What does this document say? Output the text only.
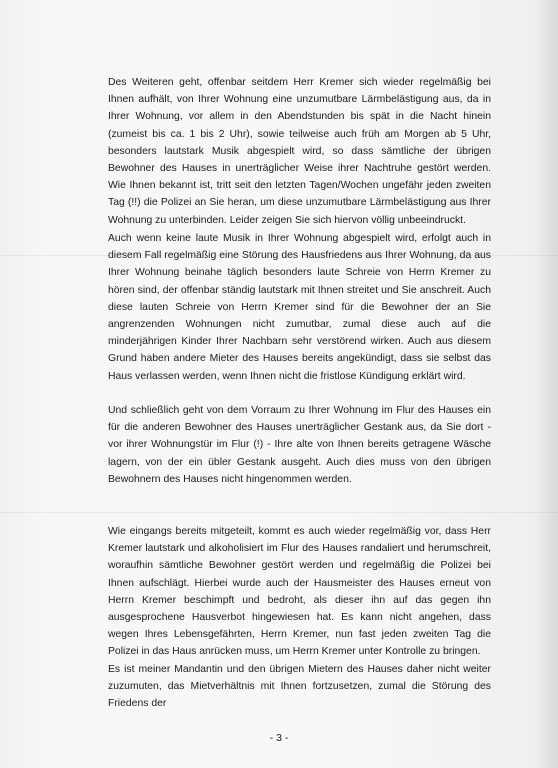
Des Weiteren geht, offenbar seitdem Herr Kremer sich wieder regelmäßig bei Ihnen aufhält, von Ihrer Wohnung eine unzumutbare Lärmbelästigung aus, da in Ihrer Wohnung, vor allem in den Abendstunden bis spät in die Nacht hinein (zumeist bis ca. 1 bis 2 Uhr), sowie teilweise auch früh am Morgen ab 5 Uhr, besonders lautstark Musik abgespielt wird, so dass sämtliche der übrigen Bewohner des Hauses in unerträglicher Weise ihrer Nachtruhe gestört werden. Wie Ihnen bekannt ist, tritt seit den letzten Tagen/Wochen ungefähr jeden zweiten Tag (!!) die Polizei an Sie heran, um diese unzumutbare Lärmbelästigung aus Ihrer Wohnung zu unterbinden. Leider zeigen Sie sich hiervon völlig unbeeindruckt.

Auch wenn keine laute Musik in Ihrer Wohnung abgespielt wird, erfolgt auch in diesem Fall regelmäßig eine Störung des Hausfriedens aus Ihrer Wohnung, da aus Ihrer Wohnung beinahe täglich besonders laute Schreie von Herrn Kremer zu hören sind, der offenbar ständig lautstark mit Ihnen streitet und Sie anschreit. Auch diese lauten Schreie von Herrn Kremer sind für die Bewohner der an Sie angrenzenden Wohnungen nicht zumutbar, zumal diese auch auf die minderjährigen Kinder Ihrer Nachbarn sehr verstörend wirken. Auch aus diesem Grund haben andere Mieter des Hauses bereits angekündigt, dass sie selbst das Haus verlassen werden, wenn Ihnen nicht die fristlose Kündigung erklärt wird.

Und schließlich geht von dem Vorraum zu Ihrer Wohnung im Flur des Hauses ein für die anderen Bewohner des Hauses unerträglicher Gestank aus, da Sie dort - vor ihrer Wohnungstür im Flur (!) - Ihre alte von Ihnen bereits getragene Wäsche lagern, von der ein übler Gestank ausgeht. Auch dies muss von den übrigen Bewohnern des Hauses nicht hingenommen werden.

Wie eingangs bereits mitgeteilt, kommt es auch wieder regelmäßig vor, dass Herr Kremer lautstark und alkoholisiert im Flur des Hauses randaliert und herumschreit, woraufhin sämtliche Bewohner gestört werden und regelmäßig die Polizei bei Ihnen aufschlägt. Hierbei wurde auch der Hausmeister des Hauses erneut von Herrn Kremer beschimpft und bedroht, als dieser ihn auf das gegen ihn ausgesprochene Hausverbot hingewiesen hat. Es kann nicht angehen, dass wegen Ihres Lebensgefährten, Herrn Kremer, nun fast jeden zweiten Tag die Polizei in das Haus anrücken muss, um Herrn Kremer unter Kontrolle zu bringen.

Es ist meiner Mandantin und den übrigen Mietern des Hauses daher nicht weiter zuzumuten, das Mietverhältnis mit Ihnen fortzusetzen, zumal die Störung des Friedens der

- 3 -
